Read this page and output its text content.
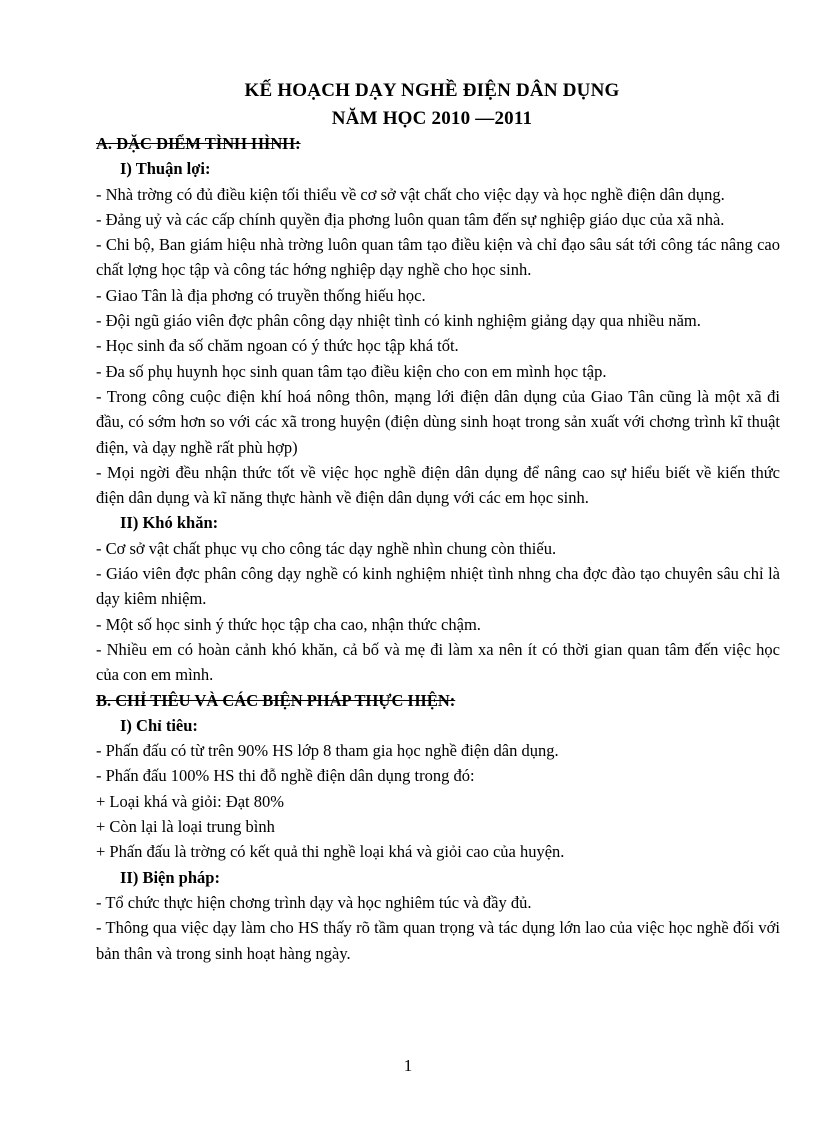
KẾ HOẠCH DẠY NGHỀ ĐIỆN DÂN DỤNG
NĂM HỌC 2010 —2011
A. ĐẶC ĐIỂM TÌNH HÌNH:
I) Thuận lợi:

- Nhà trờng có đủ điều kiện tối thiểu về cơ sở vật chất cho việc dạy và học nghề điện dân dụng.

- Đảng uỷ và các cấp chính quyền địa phơng luôn quan tâm đến sự nghiệp giáo dục của xã nhà.

- Chi bộ, Ban giám hiệu nhà trờng luôn quan tâm tạo điều kiện và chỉ đạo sâu sát tới công tác nâng cao chất lợng học tập và công tác hớng nghiệp dạy nghề cho học sinh.

- Giao Tân là địa phơng có truyền thống hiếu học.

- Đội ngũ giáo viên đợc phân công dạy nhiệt tình có kinh nghiệm giảng dạy qua nhiều năm.

- Học sinh đa số chăm ngoan có ý thức học tập khá tốt.

- Đa số phụ huynh học sinh quan tâm tạo điều kiện cho con em mình học tập.

- Trong công cuộc điện khí hoá nông thôn, mạng lới điện dân dụng của Giao Tân cũng là một xã đi đầu, có sớm hơn so với các xã trong huyện (điện dùng sinh hoạt trong sản xuất với chơng trình kĩ thuật điện, và dạy nghề rất phù hợp)

- Mọi ngời đều nhận thức tốt về việc học nghề điện dân dụng để nâng cao sự hiểu biết về kiến thức điện dân dụng và kĩ năng thực hành về điện dân dụng với các em học sinh.

II) Khó khăn:

- Cơ sở vật chất phục vụ cho công tác dạy nghề nhìn chung còn thiếu.

- Giáo viên đợc phân công dạy nghề có kinh nghiệm nhiệt tình nhng cha đợc đào tạo chuyên sâu chỉ là dạy kiêm nhiệm.

- Một số học sinh ý thức học tập cha cao, nhận thức chậm.

- Nhiều em có hoàn cảnh khó khăn, cả bố và mẹ đi làm xa nên ít có thời gian quan tâm đến việc học của con em mình.

B. CHỈ TIÊU VÀ CÁC BIỆN PHÁP THỰC HIỆN:
I) Chỉ tiêu:

- Phấn đấu có từ trên 90% HS lớp 8 tham gia học nghề điện dân dụng.

- Phấn đấu 100% HS thi đỗ nghề điện dân dụng trong đó:

+ Loại khá và giỏi: Đạt 80%

+ Còn lại là loại trung bình

+ Phấn đấu là trờng có kết quả thi nghề loại khá và giỏi cao của huyện.

II) Biện pháp:

- Tổ chức thực hiện chơng trình dạy và học nghiêm túc và đầy đủ.

- Thông qua việc dạy làm cho HS thấy rõ tầm quan trọng và tác dụng lớn lao của việc học nghề đối với bản thân và trong sinh hoạt hàng ngày.

1
